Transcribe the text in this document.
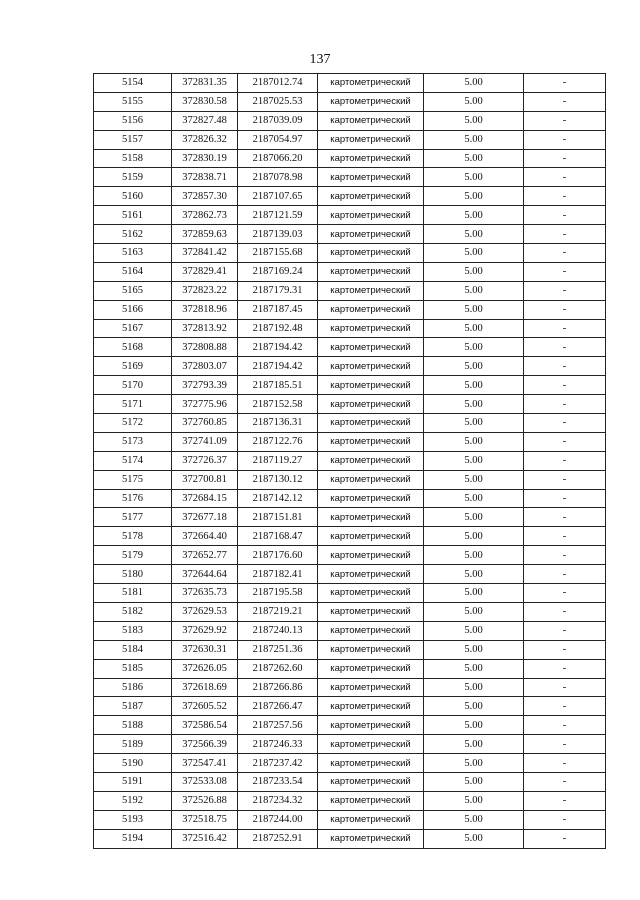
137
5154	372831.35	2187012.74	картометрический	5.00	-
5155	372830.58	2187025.53	картометрический	5.00	-
5156	372827.48	2187039.09	картометрический	5.00	-
5157	372826.32	2187054.97	картометрический	5.00	-
5158	372830.19	2187066.20	картометрический	5.00	-
5159	372838.71	2187078.98	картометрический	5.00	-
5160	372857.30	2187107.65	картометрический	5.00	-
5161	372862.73	2187121.59	картометрический	5.00	-
5162	372859.63	2187139.03	картометрический	5.00	-
5163	372841.42	2187155.68	картометрический	5.00	-
5164	372829.41	2187169.24	картометрический	5.00	-
5165	372823.22	2187179.31	картометрический	5.00	-
5166	372818.96	2187187.45	картометрический	5.00	-
5167	372813.92	2187192.48	картометрический	5.00	-
5168	372808.88	2187194.42	картометрический	5.00	-
5169	372803.07	2187194.42	картометрический	5.00	-
5170	372793.39	2187185.51	картометрический	5.00	-
5171	372775.96	2187152.58	картометрический	5.00	-
5172	372760.85	2187136.31	картометрический	5.00	-
5173	372741.09	2187122.76	картометрический	5.00	-
5174	372726.37	2187119.27	картометрический	5.00	-
5175	372700.81	2187130.12	картометрический	5.00	-
5176	372684.15	2187142.12	картометрический	5.00	-
5177	372677.18	2187151.81	картометрический	5.00	-
5178	372664.40	2187168.47	картометрический	5.00	-
5179	372652.77	2187176.60	картометрический	5.00	-
5180	372644.64	2187182.41	картометрический	5.00	-
5181	372635.73	2187195.58	картометрический	5.00	-
5182	372629.53	2187219.21	картометрический	5.00	-
5183	372629.92	2187240.13	картометрический	5.00	-
5184	372630.31	2187251.36	картометрический	5.00	-
5185	372626.05	2187262.60	картометрический	5.00	-
5186	372618.69	2187266.86	картометрический	5.00	-
5187	372605.52	2187266.47	картометрический	5.00	-
5188	372586.54	2187257.56	картометрический	5.00	-
5189	372566.39	2187246.33	картометрический	5.00	-
5190	372547.41	2187237.42	картометрический	5.00	-
5191	372533.08	2187233.54	картометрический	5.00	-
5192	372526.88	2187234.32	картометрический	5.00	-
5193	372518.75	2187244.00	картометрический	5.00	-
5194	372516.42	2187252.91	картометрический	5.00	-
